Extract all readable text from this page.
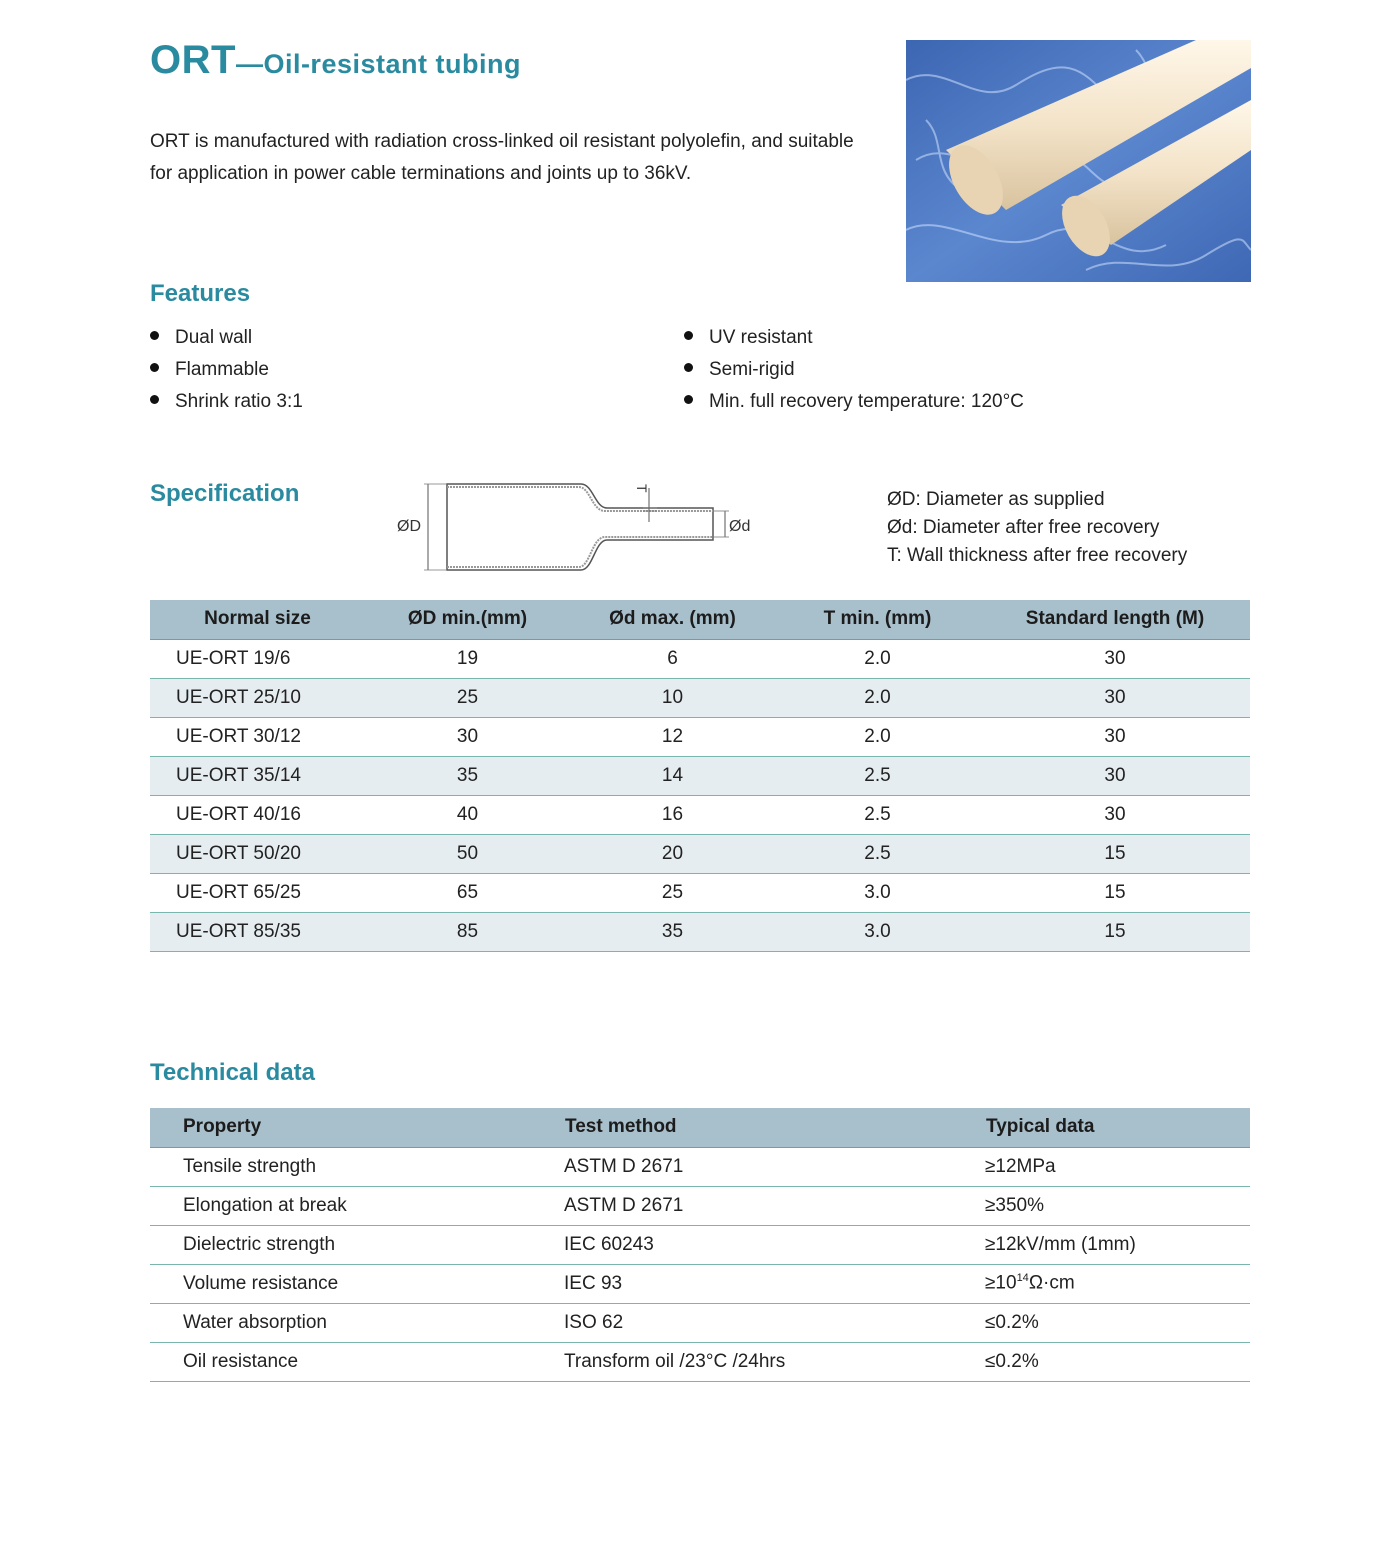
ORT—Oil-resistant tubing
ORT is manufactured with radiation cross-linked oil resistant polyolefin, and suitable for application in power cable terminations and joints up to 36kV.
Features
Dual wall
Flammable
Shrink ratio 3:1
UV resistant
Semi-rigid
Min. full recovery temperature: 120°C
Specification
ØD	Ød
T
ØD: Diameter as supplied
Ød: Diameter after free recovery
T: Wall thickness after free recovery
Normal size	ØD min.(mm)	Ød max. (mm)	T min. (mm)	Standard length (M)
UE-ORT 19/6	19	6	2.0	30
UE-ORT 25/10	25	10	2.0	30
UE-ORT 30/12	30	12	2.0	30
UE-ORT 35/14	35	14	2.5	30
UE-ORT 40/16	40	16	2.5	30
UE-ORT 50/20	50	20	2.5	15
UE-ORT 65/25	65	25	3.0	15
UE-ORT 85/35	85	35	3.0	15
Technical data
Property	Test method	Typical data
Tensile strength	ASTM D 2671	≥12MPa
Elongation at break	ASTM D 2671	≥350%
Dielectric strength	IEC 60243	≥12kV/mm (1mm)
Volume resistance	IEC 93	$\ge 10^{14}\Omega\cdot cm$
Water absorption	ISO 62	≤0.2%
Oil resistance	Transform oil /23°C /24hrs	≤0.2%
